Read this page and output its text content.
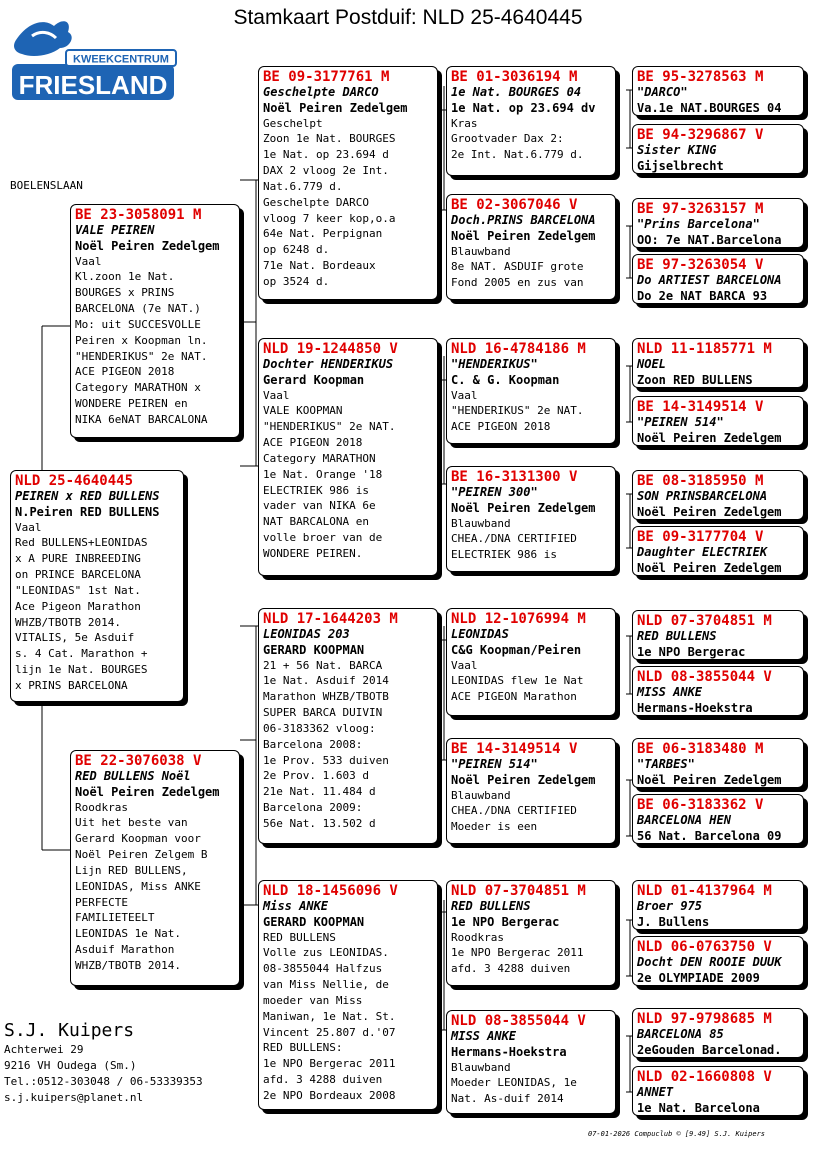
Stamkaart Postduif: NLD 25-4640445
KWEEKCENTRUM
FRIESLAND
BOELENSLAAN
NLD 25-4640445
PEIREN x RED BULLENS
N.Peiren RED BULLENS
Vaal
Red BULLENS+LEONIDAS
x A PURE INBREEDING
on PRINCE BARCELONA
"LEONIDAS" 1st Nat.
Ace Pigeon Marathon
WHZB/TBOTB 2014.
VITALIS, 5e Asduif
s. 4 Cat. Marathon +
lijn 1e Nat. BOURGES
x PRINS BARCELONA
BE 23-3058091 M
VALE PEIREN
Noël Peiren Zedelgem
Vaal
Kl.zoon 1e Nat.
BOURGES x PRINS
BARCELONA (7e NAT.)
Mo: uit SUCCESVOLLE
Peiren x Koopman ln.
"HENDERIKUS" 2e NAT.
ACE PIGEON 2018
Category MARATHON x
WONDERE PEIREN en
NIKA 6eNAT BARCALONA
BE 22-3076038 V
RED BULLENS Noël
Noël Peiren Zedelgem
Roodkras
Uit het beste van
Gerard Koopman voor
Noël Peiren Zelgem B
Lijn RED BULLENS,
LEONIDAS, Miss ANKE
PERFECTE
FAMILIETEELT
LEONIDAS 1e Nat.
Asduif Marathon
WHZB/TBOTB 2014.
BE 09-3177761 M
Geschelpte DARCO
Noël Peiren Zedelgem
Geschelpt
Zoon 1e Nat. BOURGES
1e Nat. op 23.694 d
DAX 2 vloog 2e Int.
Nat.6.779 d.
Geschelpte DARCO
vloog 7 keer kop,o.a
64e Nat. Perpignan
op 6248 d.
71e Nat. Bordeaux
op 3524 d.
NLD 19-1244850 V
Dochter HENDERIKUS
Gerard Koopman
Vaal
VALE KOOPMAN
"HENDERIKUS" 2e NAT.
ACE PIGEON 2018
Category MARATHON
1e Nat. Orange '18
ELECTRIEK 986 is
vader van NIKA 6e
NAT BARCALONA en
volle broer van de
WONDERE PEIREN.
NLD 17-1644203 M
LEONIDAS 203
GERARD KOOPMAN
21 + 56 Nat. BARCA
1e Nat. Asduif 2014
Marathon WHZB/TBOTB
SUPER BARCA DUIVIN
06-3183362 vloog:
Barcelona 2008:
1e Prov. 533 duiven
2e Prov. 1.603 d
21e Nat. 11.484 d
Barcelona 2009:
56e Nat. 13.502 d
NLD 18-1456096 V
Miss ANKE
GERARD KOOPMAN
RED BULLENS
Volle zus LEONIDAS.
08-3855044 Halfzus
van Miss Nellie, de
moeder van Miss
Maniwan, 1e Nat. St.
Vincent 25.807 d.'07
RED BULLENS:
1e NPO Bergerac 2011
afd. 3 4288 duiven
2e NPO Bordeaux 2008
BE 01-3036194 M
1e Nat. BOURGES 04
1e Nat. op 23.694 dv
Kras
Grootvader Dax 2:
2e Int. Nat.6.779 d.
BE 02-3067046 V
Doch.PRINS BARCELONA
Noël Peiren Zedelgem
Blauwband
8e NAT. ASDUIF grote
Fond 2005 en zus van
NLD 16-4784186 M
"HENDERIKUS"
C. & G. Koopman
Vaal
"HENDERIKUS" 2e NAT.
ACE PIGEON 2018
BE 16-3131300 V
"PEIREN 300"
Noël Peiren Zedelgem
Blauwband
CHEA./DNA CERTIFIED
ELECTRIEK 986 is
NLD 12-1076994 M
LEONIDAS
C&G Koopman/Peiren
Vaal
LEONIDAS flew 1e Nat
ACE PIGEON Marathon
BE 14-3149514 V
"PEIREN 514"
Noël Peiren Zedelgem
Blauwband
CHEA./DNA CERTIFIED
Moeder is een
NLD 07-3704851 M
RED BULLENS
1e NPO Bergerac
Roodkras
1e NPO Bergerac 2011
afd. 3 4288 duiven
NLD 08-3855044 V
MISS ANKE
Hermans-Hoekstra
Blauwband
Moeder LEONIDAS, 1e
Nat. As-duif 2014
BE 95-3278563 M
"DARCO"
Va.1e NAT.BOURGES 04
BE 94-3296867 V
Sister KING
Gijselbrecht
BE 97-3263157 M
"Prins Barcelona"
OO: 7e NAT.Barcelona
BE 97-3263054 V
Do ARTIEST BARCELONA
Do 2e NAT BARCA 93
NLD 11-1185771 M
NOEL
Zoon RED BULLENS
BE 14-3149514 V
"PEIREN 514"
Noël Peiren Zedelgem
BE 08-3185950 M
SON PRINSBARCELONA
Noël Peiren Zedelgem
BE 09-3177704 V
Daughter ELECTRIEK
Noël Peiren Zedelgem
NLD 07-3704851 M
RED BULLENS
1e NPO Bergerac
NLD 08-3855044 V
MISS ANKE
Hermans-Hoekstra
BE 06-3183480 M
"TARBES"
Noël Peiren Zedelgem
BE 06-3183362 V
BARCELONA HEN
56 Nat. Barcelona 09
NLD 01-4137964 M
Broer 975
J. Bullens
NLD 06-0763750 V
Docht DEN ROOIE DUUK
2e OLYMPIADE 2009
NLD 97-9798685 M
BARCELONA 85
2eGouden Barcelonad.
NLD 02-1660808 V
ANNET
1e Nat. Barcelona
S.J. Kuipers
Achterwei 29
9216 VH Oudega (Sm.)
Tel.:0512-303048 / 06-53339353
s.j.kuipers@planet.nl
07-01-2026 Compuclub © [9.49] S.J. Kuipers
